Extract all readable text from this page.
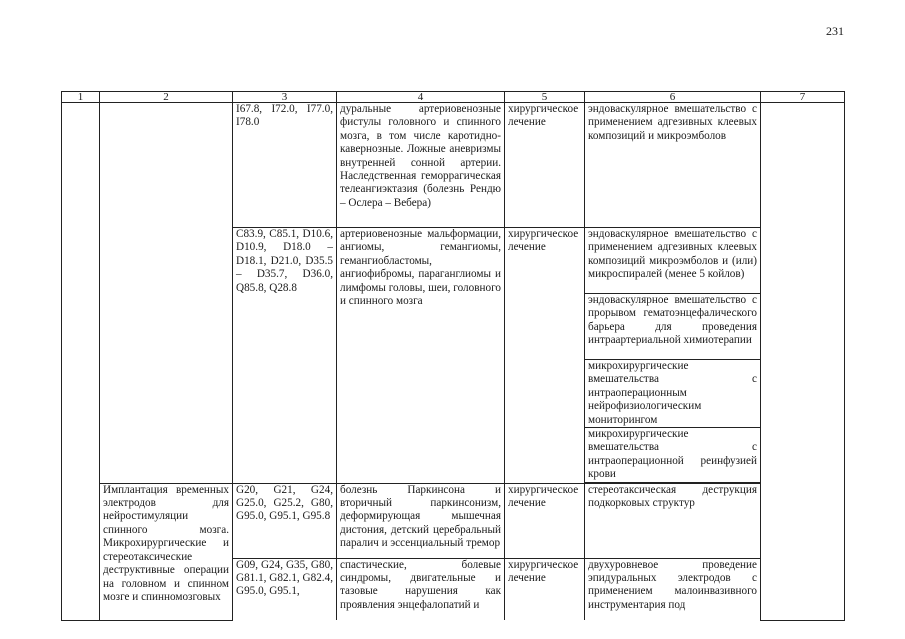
231
1	2	3	4	5	6	7
		I67.8, I72.0, I77.0, I78.0	дуральные артериовенозные фистулы головного и спинного мозга, в том числе каротидно-кавернозные. Ложные аневризмы внутренней сонной артерии. Наследственная геморрагическая телеангиэктазия (болезнь Рендю – Ослера – Вебера)	хирургическое лечение	эндоваскулярное вмешательство с применением адгезивных клеевых композиций и микроэмболов	
		C83.9, C85.1, D10.6, D10.9, D18.0 – D18.1, D21.0, D35.5 – D35.7, D36.0, Q85.8, Q28.8	артериовенозные мальформации, ангиомы, гемангиомы, гемангиобластомы, ангиофибромы, параганглиомы и лимфомы головы, шеи, головного и спинного мозга	хирургическое лечение	эндоваскулярное вмешательство с применением адгезивных клеевых композиций микроэмболов и (или) микроспиралей (менее 5 койлов)	
					эндоваскулярное вмешательство с прорывом гематоэнцефалического барьера для проведения интраартериальной химиотерапии	
					микрохирургические вмешательства с интраоперационным нейрофизиологическим мониторингом	
					микрохирургические вмешательства с интраоперационной реинфузией крови	

	Имплантация временных электродов для нейростимуляции спинного мозга. Микрохирургические и стереотаксические деструктивные операции на головном и спинном мозге и спинномозговых	G20, G21, G24, G25.0, G25.2, G80, G95.0, G95.1, G95.8	болезнь Паркинсона и вторичный паркинсонизм, деформирующая мышечная дистония, детский церебральный паралич и эссенциальный тремор	хирургическое лечение	стереотаксическая деструкция подкорковых структур	
		G09, G24, G35, G80, G81.1, G82.1, G82.4, G95.0, G95.1,	спастические, болевые синдромы, двигательные и тазовые нарушения как проявления энцефалопатий и	хирургическое лечение	двухуровневое проведение эпидуральных электродов с применением малоинвазивного инструментария под	
